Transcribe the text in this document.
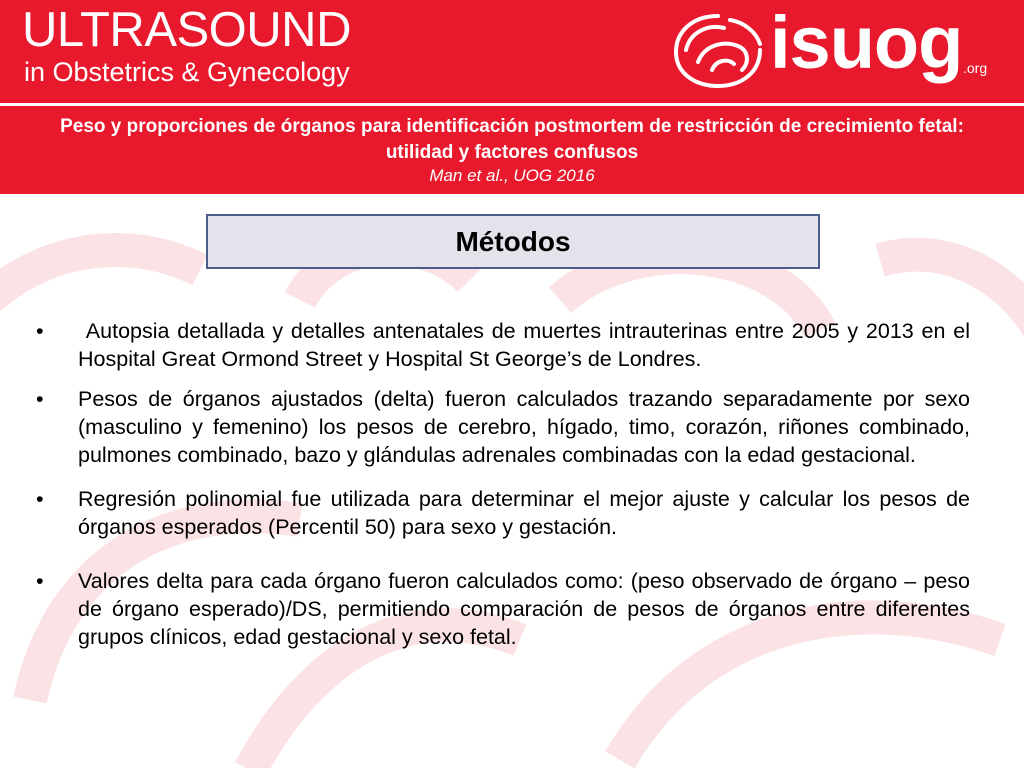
ULTRASOUND
in Obstetrics & Gynecology	isuog .org
Peso y proporciones de órganos para identificación postmortem de restricción de crecimiento fetal: utilidad y factores confusos
Man et al., UOG 2016
Métodos
• Autopsia detallada y detalles antenatales de muertes intrauterinas entre 2005 y 2013 en el Hospital Great Ormond Street y Hospital St George’s de Londres.
• Pesos de órganos ajustados (delta) fueron calculados trazando separadamente por sexo (masculino y femenino) los pesos de cerebro, hígado, timo, corazón, riñones combinado, pulmones combinado, bazo y glándulas adrenales combinadas con la edad gestacional.
• Regresión polinomial fue utilizada para determinar el mejor ajuste y calcular los pesos de órganos esperados (Percentil 50) para sexo y gestación.
• Valores delta para cada órgano fueron calculados como: (peso observado de órgano – peso de órgano esperado)/DS, permitiendo comparación de pesos de órganos entre diferentes grupos clínicos, edad gestacional y sexo fetal.
